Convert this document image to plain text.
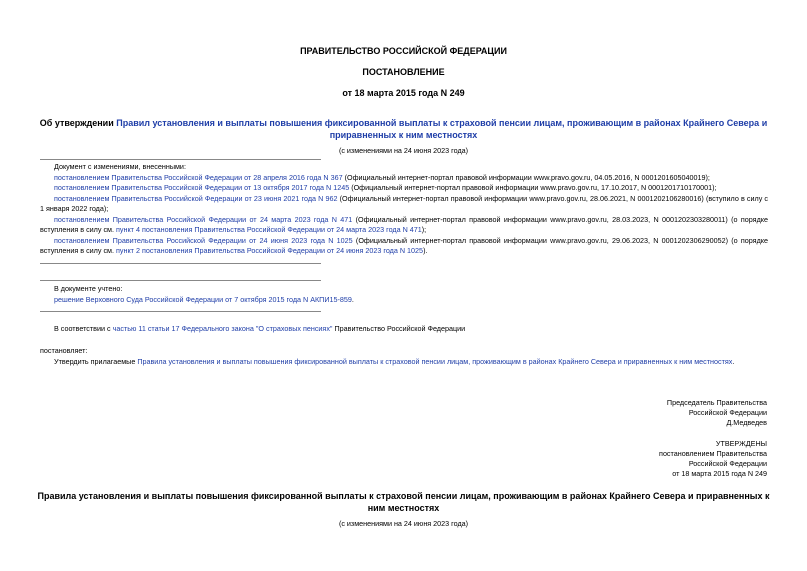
ПРАВИТЕЛЬСТВО РОССИЙСКОЙ ФЕДЕРАЦИИ
ПОСТАНОВЛЕНИЕ
от 18 марта 2015 года N 249
Об утверждении Правил установления и выплаты повышения фиксированной выплаты к страховой пенсии лицам, проживающим в районах Крайнего Севера и
приравненных к ним местностях
(с изменениями на 24 июня 2023 года)
Документ с изменениями, внесенными:
постановлением Правительства Российской Федерации от 28 апреля 2016 года N 367 (Официальный интернет-портал правовой информации www.pravo.gov.ru, 04.05.2016, N 0001201605040019);
постановлением Правительства Российской Федерации от 13 октября 2017 года N 1245 (Официальный интернет-портал правовой информации www.pravo.gov.ru, 17.10.2017, N 0001201710170001);
постановлением Правительства Российской Федерации от 23 июня 2021 года N 962 (Официальный интернет-портал правовой информации www.pravo.gov.ru, 28.06.2021, N 0001202106280016) (вступило в силу с 1 января 2022 года);
постановлением Правительства Российской Федерации от 24 марта 2023 года N 471 (Официальный интернет-портал правовой информации www.pravo.gov.ru, 28.03.2023, N 0001202303280011) (о порядке вступления в силу см. пункт 4 постановления Правительства Российской Федерации от 24 марта 2023 года N 471);
постановлением Правительства Российской Федерации от 24 июня 2023 года N 1025 (Официальный интернет-портал правовой информации www.pravo.gov.ru, 29.06.2023, N 0001202306290052) (о порядке вступления в силу см. пункт 2 постановления Правительства Российской Федерации от 24 июня 2023 года N 1025).
В документе учтено:
решение Верховного Суда Российской Федерации от 7 октября 2015 года N АКПИ15-859.
В соответствии с частью 11 статьи 17 Федерального закона "О страховых пенсиях" Правительство Российской Федерации
постановляет:
Утвердить прилагаемые Правила установления и выплаты повышения фиксированной выплаты к страховой пенсии лицам, проживающим в районах Крайнего Севера и приравненных к ним местностях.
Председатель Правительства
Российской Федерации
Д.Медведев
УТВЕРЖДЕНЫ
постановлением Правительства
Российской Федерации
от 18 марта 2015 года N 249
Правила установления и выплаты повышения фиксированной выплаты к страховой пенсии лицам, проживающим в районах Крайнего Севера и приравненных к
ним местностях
(с изменениями на 24 июня 2023 года)
